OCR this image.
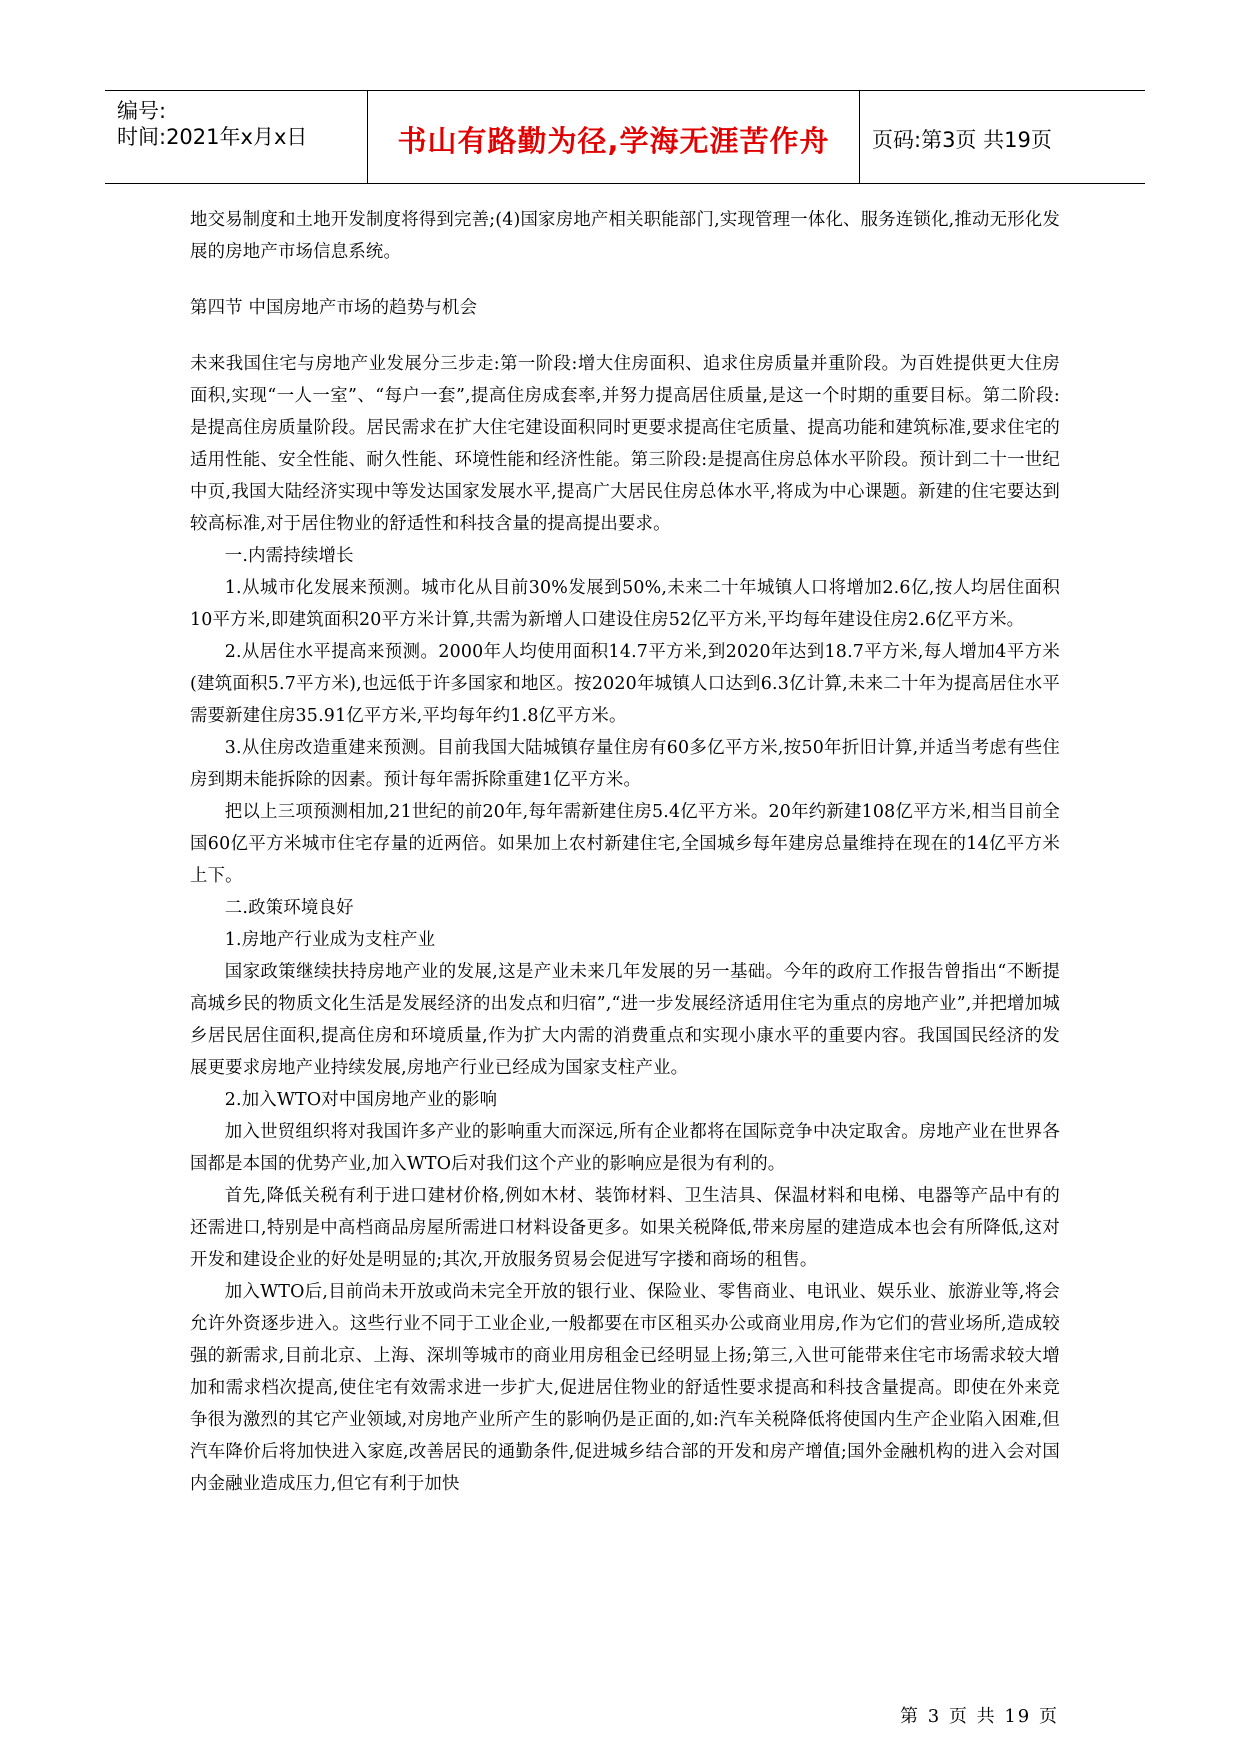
编号:
时间:2021年x月x日	书山有路勤为径,学海无涯苦作舟	页码:第3页 共19页

地交易制度和土地开发制度将得到完善;(4)国家房地产相关职能部门,实现管理一体化、服务连锁化,推动无形化发展的房地产市场信息系统。

第四节 中国房地产市场的趋势与机会

未来我国住宅与房地产业发展分三步走:第一阶段:增大住房面积、追求住房质量并重阶段。为百姓提供更大住房面积,实现“一人一室”、“每户一套”,提高住房成套率,并努力提高居住质量,是这一个时期的重要目标。第二阶段:是提高住房质量阶段。居民需求在扩大住宅建设面积同时更要求提高住宅质量、提高功能和建筑标准,要求住宅的适用性能、安全性能、耐久性能、环境性能和经济性能。第三阶段:是提高住房总体水平阶段。预计到二十一世纪中页,我国大陆经济实现中等发达国家发展水平,提高广大居民住房总体水平,将成为中心课题。新建的住宅要达到较高标准,对于居住物业的舒适性和科技含量的提高提出要求。

一.内需持续增长

1.从城市化发展来预测。城市化从目前30%发展到50%,未来二十年城镇人口将增加2.6亿,按人均居住面积10平方米,即建筑面积20平方米计算,共需为新增人口建设住房52亿平方米,平均每年建设住房2.6亿平方米。

2.从居住水平提高来预测。2000年人均使用面积14.7平方米,到2020年达到18.7平方米,每人增加4平方米(建筑面积5.7平方米),也远低于许多国家和地区。按2020年城镇人口达到6.3亿计算,未来二十年为提高居住水平需要新建住房35.91亿平方米,平均每年约1.8亿平方米。

3.从住房改造重建来预测。目前我国大陆城镇存量住房有60多亿平方米,按50年折旧计算,并适当考虑有些住房到期未能拆除的因素。预计每年需拆除重建1亿平方米。

把以上三项预测相加,21世纪的前20年,每年需新建住房5.4亿平方米。20年约新建108亿平方米,相当目前全国60亿平方米城市住宅存量的近两倍。如果加上农村新建住宅,全国城乡每年建房总量维持在现在的14亿平方米上下。

二.政策环境良好

1.房地产行业成为支柱产业

国家政策继续扶持房地产业的发展,这是产业未来几年发展的另一基础。今年的政府工作报告曾指出“不断提高城乡民的物质文化生活是发展经济的出发点和归宿”,“进一步发展经济适用住宅为重点的房地产业”,并把增加城乡居民居住面积,提高住房和环境质量,作为扩大内需的消费重点和实现小康水平的重要内容。我国国民经济的发展更要求房地产业持续发展,房地产行业已经成为国家支柱产业。

2.加入WTO对中国房地产业的影响

加入世贸组织将对我国许多产业的影响重大而深远,所有企业都将在国际竞争中决定取舍。房地产业在世界各国都是本国的优势产业,加入WTO后对我们这个产业的影响应是很为有利的。

首先,降低关税有利于进口建材价格,例如木材、装饰材料、卫生洁具、保温材料和电梯、电器等产品中有的还需进口,特别是中高档商品房屋所需进口材料设备更多。如果关税降低,带来房屋的建造成本也会有所降低,这对开发和建设企业的好处是明显的;其次,开放服务贸易会促进写字搂和商场的租售。

加入WTO后,目前尚未开放或尚未完全开放的银行业、保险业、零售商业、电讯业、娱乐业、旅游业等,将会允许外资逐步进入。这些行业不同于工业企业,一般都要在市区租买办公或商业用房,作为它们的营业场所,造成较强的新需求,目前北京、上海、深圳等城市的商业用房租金已经明显上扬;第三,入世可能带来住宅市场需求较大增加和需求档次提高,使住宅有效需求进一步扩大,促进居住物业的舒适性要求提高和科技含量提高。即使在外来竞争很为激烈的其它产业领域,对房地产业所产生的影响仍是正面的,如:汽车关税降低将使国内生产企业陷入困难,但汽车降价后将加快进入家庭,改善居民的通勤条件,促进城乡结合部的开发和房产增值;国外金融机构的进入会对国内金融业造成压力,但它有利于加快

第 3 页 共 19 页
